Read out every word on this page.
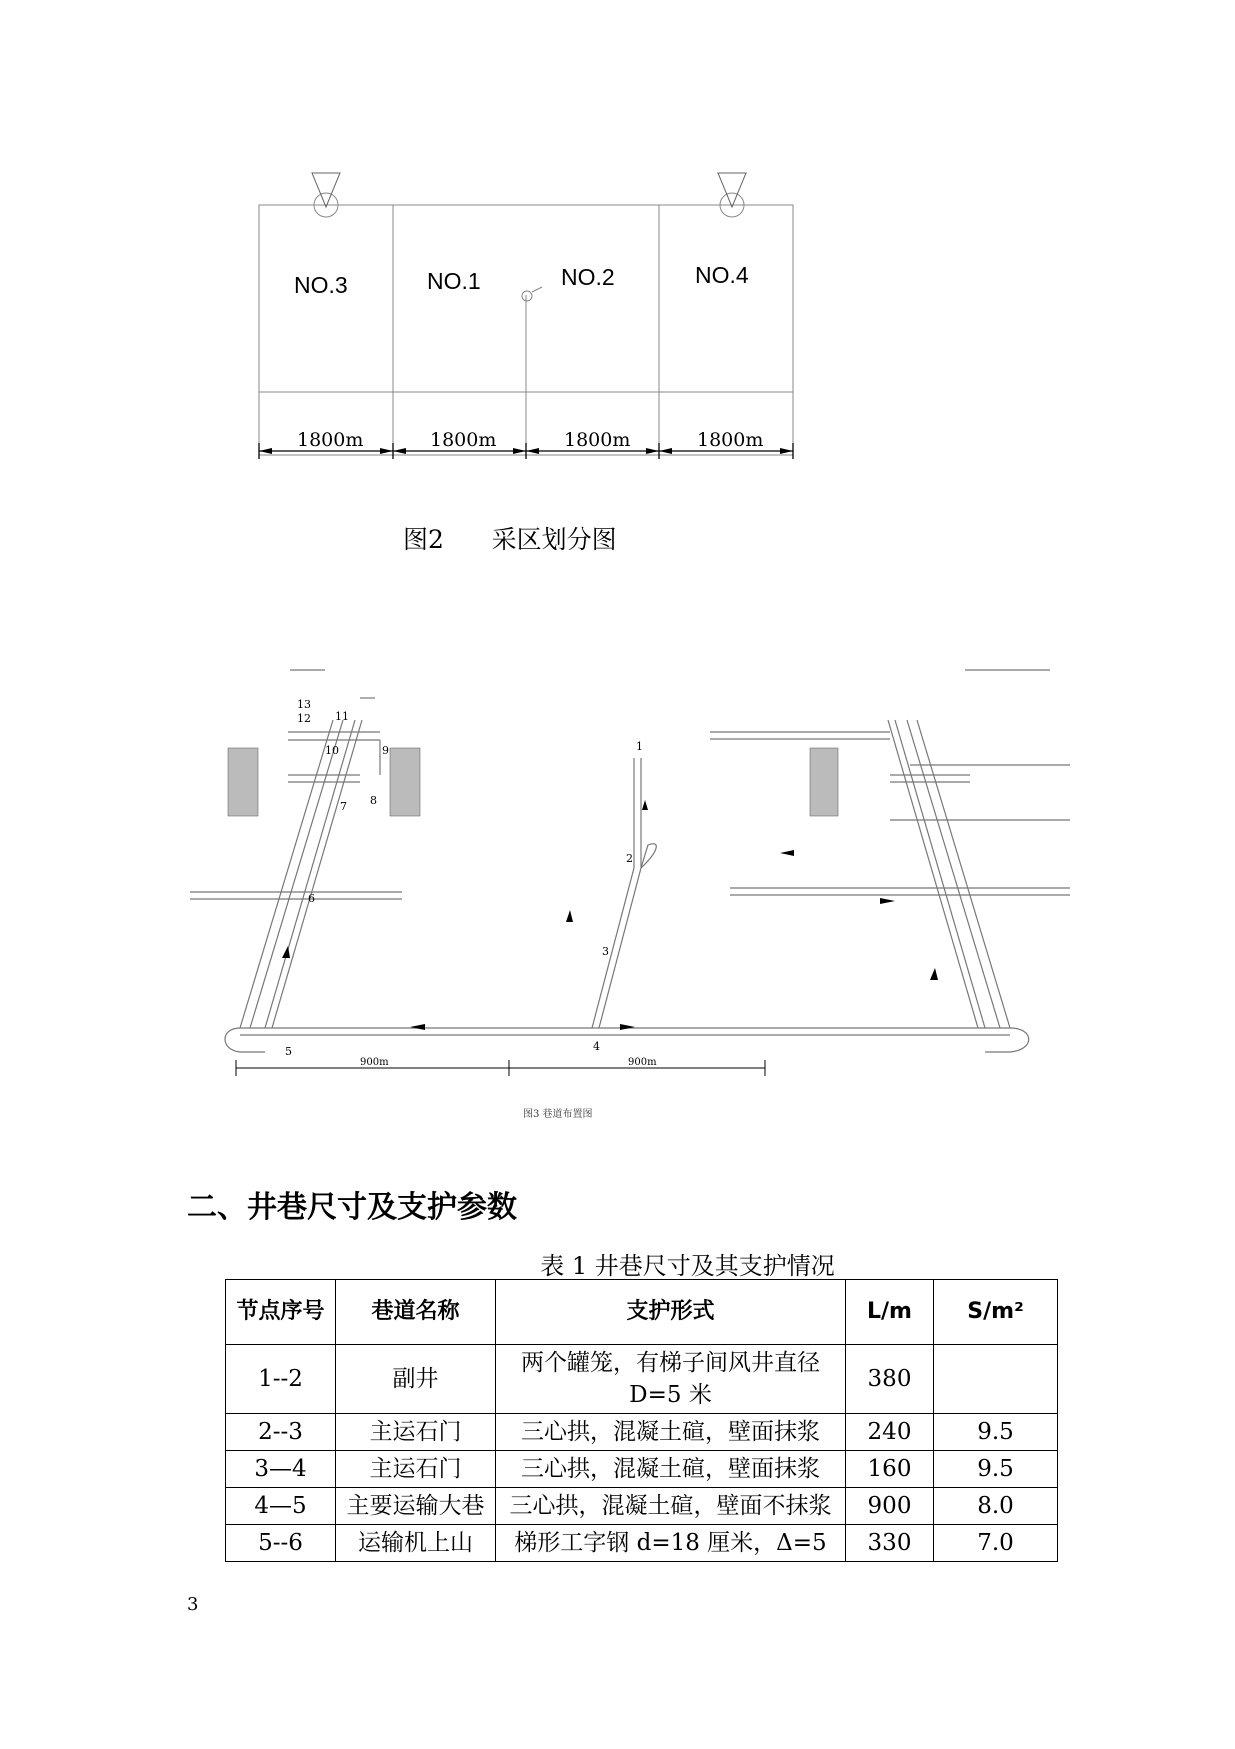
NO.3	NO.1	NO.2	NO.4
1800m	1800m	1800m	1800m
图2 采区划分图
1
2
3
4
5
6
7 8
9
10
11
12
13
900m	900m
图3 巷道布置图
二、井巷尺寸及支护参数
表 1 井巷尺寸及其支护情况
节点序号	巷道名称	支护形式	L/m	S/m²
1--2	副井	两个罐笼，有梯子间风井直径D=5 米	380	
2--3	主运石门	三心拱，混凝土碹，壁面抹浆	240	9.5
3—4	主运石门	三心拱，混凝土碹，壁面抹浆	160	9.5
4—5	主要运输大巷	三心拱，混凝土碹，壁面不抹浆	900	8.0
5--6	运输机上山	梯形工字钢 d=18 厘米，Δ=5	330	7.0
3
